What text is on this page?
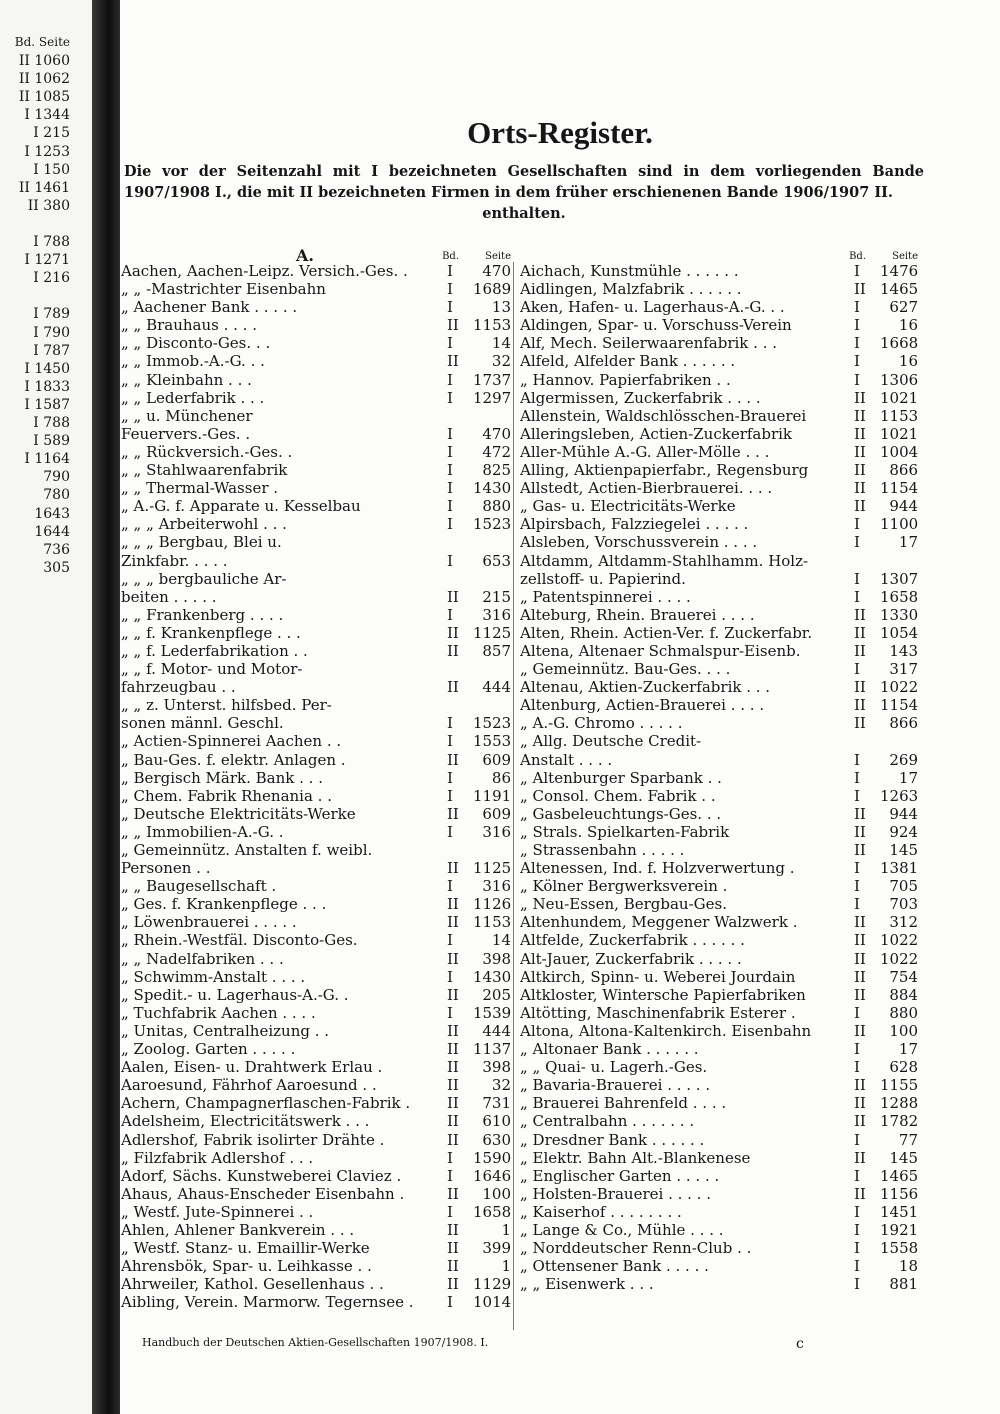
Bd. Seite
II 1060
II 1062
II 1085
I 1344
I 215
I 1253
I 150
II 1461
II 380
I 788
I 1271
I 216
I 789
I 790
I 787
I 1450
I 1833
I 1587
I 788
I 589
I 1164
790
780
1643
1644
736
305
Orts-Register.

Die vor der Seitenzahl mit I bezeichneten Gesellschaften sind in dem vorliegenden Bande 1907/1908 I., die mit II bezeichneten Firmen in dem früher erschienenen Bande 1906/1907 II.
enthalten.

A.	Bd.	Seite
Aachen, Aachen-Leipz. Versich.-Ges. .	I	470
„ „ -Mastrichter Eisenbahn	I	1689
„ Aachener Bank . . . . .	I	13
„ „ Brauhaus . . . .	II 1153
„ „ Disconto-Ges. . .	I	14
„ „ Immob.-A.-G. . .	II	32
„ „ Kleinbahn . . .	I	1737
„ „ Lederfabrik . . .	I	1297
„ „ u. Münchener
Feuervers.-Ges. .	I	470
„ „ Rückversich.-Ges. .	I	472
„ „ Stahlwaarenfabrik	I	825
„ „ Thermal-Wasser .	I	1430
„ A.-G. f. Apparate u. Kesselbau	I	880
„ „ „ Arbeiterwohl . . .	I	1523
„ „ „ Bergbau, Blei u.
Zinkfabr. . . . .	I	653
„ „ „ bergbauliche Ar-
beiten . . . . .	II	215
„ „ Frankenberg . . . .	I	316
„ „ f. Krankenpflege . . .	II 1125
„ „ f. Lederfabrikation . .	II	857
„ „ f. Motor- und Motor-
fahrzeugbau . .	II	444
„ „ z. Unterst. hilfsbed. Per-
sonen männl. Geschl.	I	1523
„ Actien-Spinnerei Aachen . .	I	1553
„ Bau-Ges. f. elektr. Anlagen .	II	609
„ Bergisch Märk. Bank . . .	I	86
„ Chem. Fabrik Rhenania . .	I	1191
„ Deutsche Elektricitäts-Werke	II	609
„ „ Immobilien-A.-G. .	I	316
„ Gemeinnütz. Anstalten f. weibl.
Personen . .	II 1125
„ „ Baugesellschaft .	I	316
„ Ges. f. Krankenpflege . . .	II 1126
„ Löwenbrauerei . . . . .	II 1153
„ Rhein.-Westfäl. Disconto-Ges.	I	14
„ „ Nadelfabriken . . .	II	398
„ Schwimm-Anstalt . . . .	I	1430
„ Spedit.- u. Lagerhaus-A.-G. .	II	205
„ Tuchfabrik Aachen . . . .	I	1539
„ Unitas, Centralheizung . .	II	444
„ Zoolog. Garten . . . . .	II 1137
Aalen, Eisen- u. Drahtwerk Erlau .	II	398
Aaroesund, Fährhof Aaroesund . .	II	32
Achern, Champagnerflaschen-Fabrik .	II	731
Adelsheim, Electricitätswerk . . .	II	610
Adlershof, Fabrik isolirter Drähte .	II	630
„ Filzfabrik Adlershof . . .	I	1590
Adorf, Sächs. Kunstweberei Claviez .	I	1646
Ahaus, Ahaus-Enscheder Eisenbahn .	II	100
„ Westf. Jute-Spinnerei . .	I	1658
Ahlen, Ahlener Bankverein . . .	II	1
„ Westf. Stanz- u. Emaillir-Werke	II	399
Ahrensbök, Spar- u. Leihkasse . .	II	1
Ahrweiler, Kathol. Gesellenhaus . .	II 1129
Aibling, Verein. Marmorw. Tegernsee .	I	1014
Bd.	Seite
Aichach, Kunstmühle . . . . . .	I	1476
Aidlingen, Malzfabrik . . . . . .	II 1465
Aken, Hafen- u. Lagerhaus-A.-G. . .	I	627
Aldingen, Spar- u. Vorschuss-Verein	I	16
Alf, Mech. Seilerwaarenfabrik . . .	I	1668
Alfeld, Alfelder Bank . . . . . .	I	16
„ Hannov. Papierfabriken . .	I	1306
Algermissen, Zuckerfabrik . . . .	II 1021
Allenstein, Waldschlösschen-Brauerei	II 1153
Alleringsleben, Actien-Zuckerfabrik	II 1021
Aller-Mühle A.-G. Aller-Mölle . . .	II 1004
Alling, Aktienpapierfabr., Regensburg	II	866
Allstedt, Actien-Bierbrauerei. . . .	II 1154
„ Gas- u. Electricitäts-Werke	II	944
Alpirsbach, Falzziegelei . . . . .	I	1100
Alsleben, Vorschussverein . . . .	I	17
Altdamm, Altdamm-Stahlhamm. Holz-
zellstoff- u. Papierind.	I	1307
„ Patentspinnerei . . . .	I	1658
Alteburg, Rhein. Brauerei . . . .	II 1330
Alten, Rhein. Actien-Ver. f. Zuckerfabr.	II 1054
Altena, Altenaer Schmalspur-Eisenb.	II	143
„ Gemeinnütz. Bau-Ges. . . .	I	317
Altenau, Aktien-Zuckerfabrik . . .	II 1022
Altenburg, Actien-Brauerei . . . .	II 1154
„ A.-G. Chromo . . . . .	II	866
„ Allg. Deutsche Credit-
Anstalt . . . .	I	269
„ Altenburger Sparbank . .	I	17
„ Consol. Chem. Fabrik . .	I	1263
„ Gasbeleuchtungs-Ges. . .	II	944
„ Strals. Spielkarten-Fabrik	II	924
„ Strassenbahn . . . . .	II	145
Altenessen, Ind. f. Holzverwertung .	I	1381
„ Kölner Bergwerksverein .	I	705
„ Neu-Essen, Bergbau-Ges.	I	703
Altenhundem, Meggener Walzwerk .	II	312
Altfelde, Zuckerfabrik . . . . . .	II 1022
Alt-Jauer, Zuckerfabrik . . . . .	II 1022
Altkirch, Spinn- u. Weberei Jourdain	II	754
Altkloster, Wintersche Papierfabriken	II	884
Altötting, Maschinenfabrik Esterer .	I	880
Altona, Altona-Kaltenkirch. Eisenbahn	II	100
„ Altonaer Bank . . . . . .	I	17
„ „ Quai- u. Lagerh.-Ges.	I	628
„ Bavaria-Brauerei . . . . .	II 1155
„ Brauerei Bahrenfeld . . . .	II 1288
„ Centralbahn . . . . . . .	II 1782
„ Dresdner Bank . . . . . .	I	77
„ Elektr. Bahn Alt.-Blankenese	II	145
„ Englischer Garten . . . . .	I	1465
„ Holsten-Brauerei . . . . .	II 1156
„ Kaiserhof . . . . . . . .	I	1451
„ Lange & Co., Mühle . . . .	I	1921
„ Norddeutscher Renn-Club . .	I	1558
„ Ottensener Bank . . . . .	I	18
„ „ Eisenwerk . . .	I	881
Handbuch der Deutschen Aktien-Gesellschaften 1907/1908. I.	c
